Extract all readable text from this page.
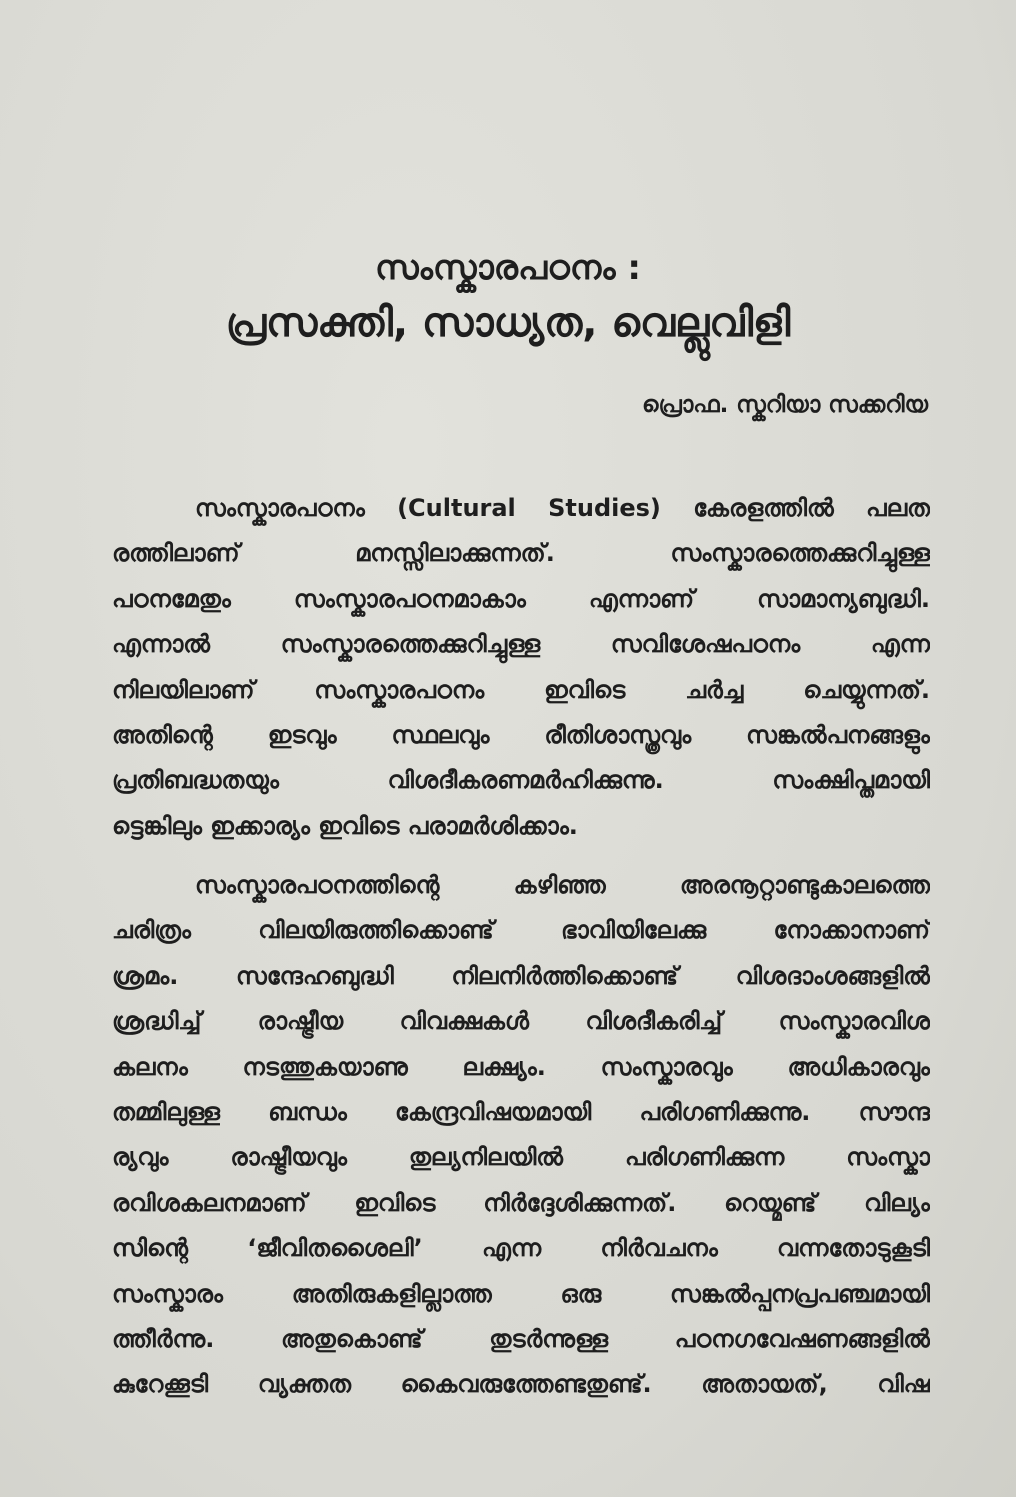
സംസ്കാരപഠനം :
പ്രസക്തി, സാധ്യത, വെല്ലുവിളി
പ്രൊഫ. സ്കറിയാ സക്കറിയ
സംസ്കാരപഠനം (Cultural Studies) കേരളത്തിൽ പലത
രത്തിലാണ് മനസ്സിലാക്കുന്നത്. സംസ്കാരത്തെക്കുറിച്ചുള്ള
പഠനമേതും സംസ്കാരപഠനമാകാം എന്നാണ് സാമാന്യബുദ്ധി.
എന്നാൽ സംസ്കാരത്തെക്കുറിച്ചുള്ള സവിശേഷപഠനം എന്ന
നിലയിലാണ് സംസ്കാരപഠനം ഇവിടെ ചർച്ച ചെയ്യുന്നത്.
അതിന്റെ ഇടവും സ്ഥലവും രീതിശാസ്ത്രവും സങ്കൽപനങ്ങളും
പ്രതിബദ്ധതയും വിശദീകരണമർഹിക്കുന്നു. സംക്ഷിപ്തമായി
ട്ടെങ്കിലും ഇക്കാര്യം ഇവിടെ പരാമർശിക്കാം.
സംസ്കാരപഠനത്തിന്റെ കഴിഞ്ഞ അരനൂറ്റാണ്ടുകാലത്തെ
ചരിത്രം വിലയിരുത്തിക്കൊണ്ട് ഭാവിയിലേക്കു നോക്കാനാണ്
ശ്രമം. സന്ദേഹബുദ്ധി നിലനിർത്തിക്കൊണ്ട് വിശദാംശങ്ങളിൽ
ശ്രദ്ധിച്ച് രാഷ്ട്രീയ വിവക്ഷകൾ വിശദീകരിച്ച് സംസ്കാരവിശ
കലനം നടത്തുകയാണു ലക്ഷ്യം. സംസ്കാരവും അധികാരവും
തമ്മിലുള്ള ബന്ധം കേന്ദ്രവിഷയമായി പരിഗണിക്കുന്നു. സൗന്ദ
ര്യവും രാഷ്ട്രീയവും തുല്യനിലയിൽ പരിഗണിക്കുന്ന സംസ്കാ
രവിശകലനമാണ് ഇവിടെ നിർദ്ദേശിക്കുന്നത്. റെയ്മണ്ട് വില്യം
സിന്റെ ‘ജീവിതശൈലി’ എന്ന നിർവചനം വന്നതോടുകൂടി
സംസ്കാരം അതിരുകളില്ലാത്ത ഒരു സങ്കൽപ്പനപ്രപഞ്ചമായി
ത്തീർന്നു. അതുകൊണ്ട് തുടർന്നുള്ള പഠനഗവേഷണങ്ങളിൽ
കുറേക്കൂടി വ്യക്തത കൈവരുത്തേണ്ടതുണ്ട്. അതായത്, വിഷ
